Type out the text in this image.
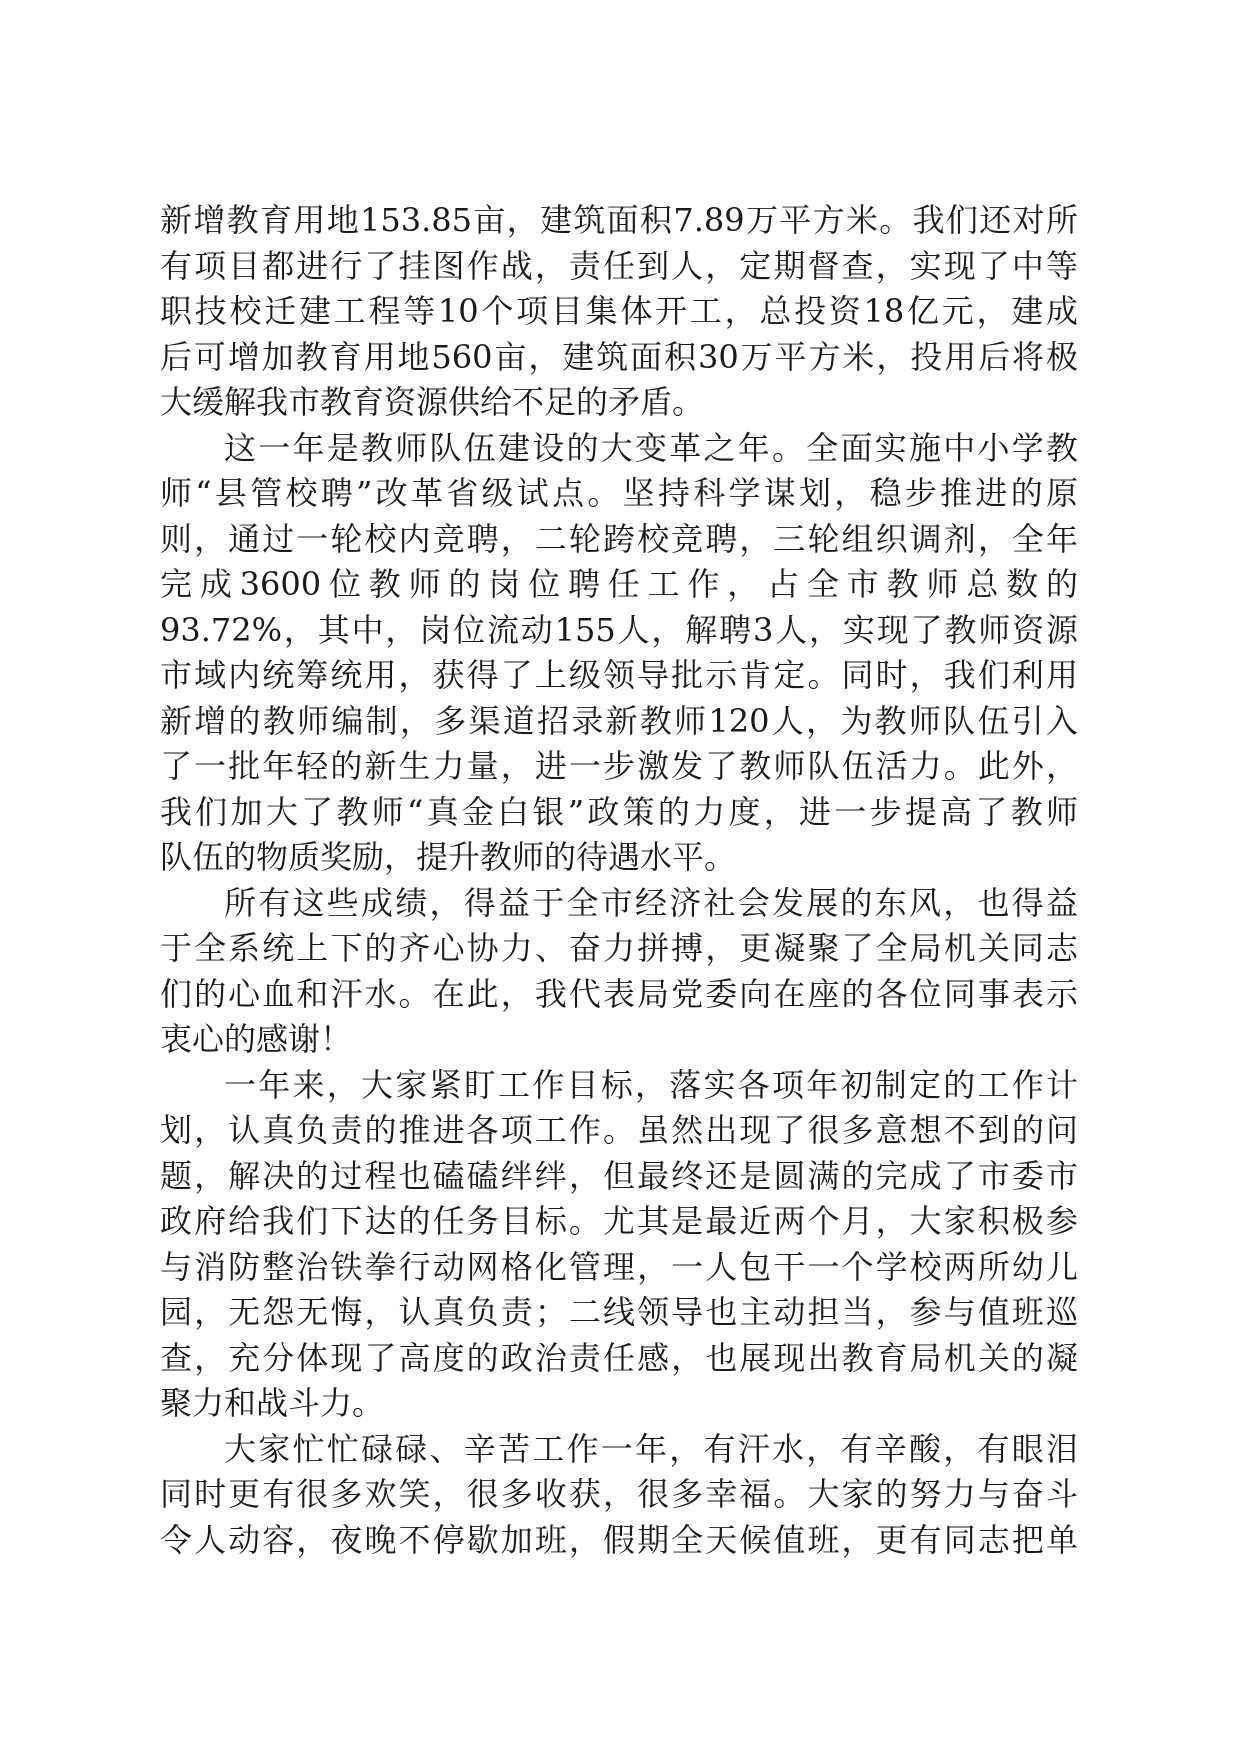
新增教育用地153.85亩，建筑面积7.89万平方米。我们还对所
有项目都进行了挂图作战，责任到人，定期督查，实现了中等
职技校迁建工程等10个项目集体开工，总投资18亿元，建成
后可增加教育用地560亩，建筑面积30万平方米，投用后将极
大缓解我市教育资源供给不足的矛盾。
这一年是教师队伍建设的大变革之年。全面实施中小学教
师“县管校聘”改革省级试点。坚持科学谋划，稳步推进的原
则，通过一轮校内竞聘，二轮跨校竞聘，三轮组织调剂，全年
完成3600位教师的岗位聘任工作，占全市教师总数的
93.72%，其中，岗位流动155人，解聘3人，实现了教师资源
市域内统筹统用，获得了上级领导批示肯定。同时，我们利用
新增的教师编制，多渠道招录新教师120人，为教师队伍引入
了一批年轻的新生力量，进一步激发了教师队伍活力。此外，
我们加大了教师“真金白银”政策的力度，进一步提高了教师
队伍的物质奖励，提升教师的待遇水平。
所有这些成绩，得益于全市经济社会发展的东风，也得益
于全系统上下的齐心协力、奋力拼搏，更凝聚了全局机关同志
们的心血和汗水。在此，我代表局党委向在座的各位同事表示
衷心的感谢！
一年来，大家紧盯工作目标，落实各项年初制定的工作计
划，认真负责的推进各项工作。虽然出现了很多意想不到的问
题，解决的过程也磕磕绊绊，但最终还是圆满的完成了市委市
政府给我们下达的任务目标。尤其是最近两个月，大家积极参
与消防整治铁拳行动网格化管理，一人包干一个学校两所幼儿
园，无怨无悔，认真负责；二线领导也主动担当，参与值班巡
查，充分体现了高度的政治责任感，也展现出教育局机关的凝
聚力和战斗力。
大家忙忙碌碌、辛苦工作一年，有汗水，有辛酸，有眼泪
同时更有很多欢笑，很多收获，很多幸福。大家的努力与奋斗
令人动容，夜晚不停歇加班，假期全天候值班，更有同志把单
